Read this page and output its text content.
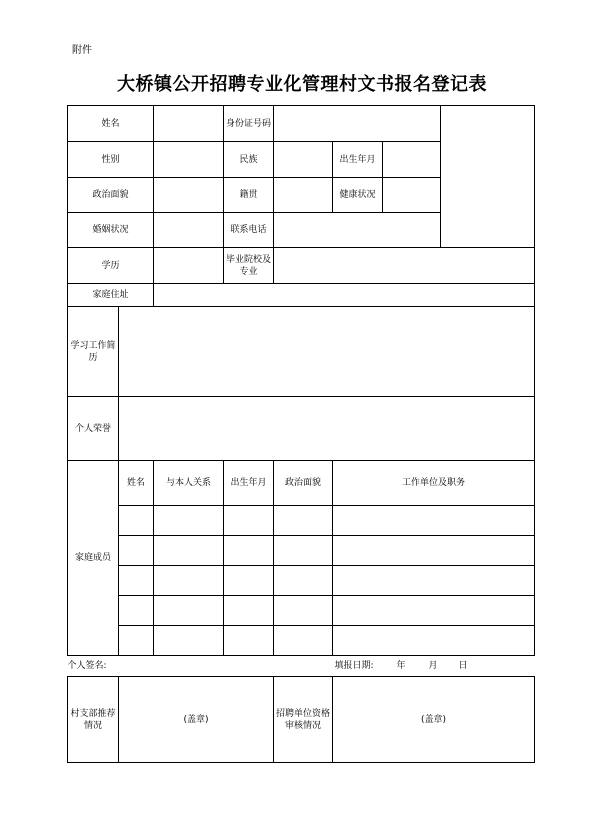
附件
大桥镇公开招聘专业化管理村文书报名登记表
姓名			身份证号码				
性别			民族		出生年月		
政治面貌			籍贯		健康状况		
婚姻状况			联系电话				
学历			毕业院校及专业				
家庭住址							
学习工作简历							
个人荣誉							
家庭成员	姓名	与本人关系	出生年月	政治面貌	工作单位及职务		

个人签名:					填报日期: 年 月 日		
村支部推荐情况	(盖章)			招聘单位资格审核情况	(盖章)		
